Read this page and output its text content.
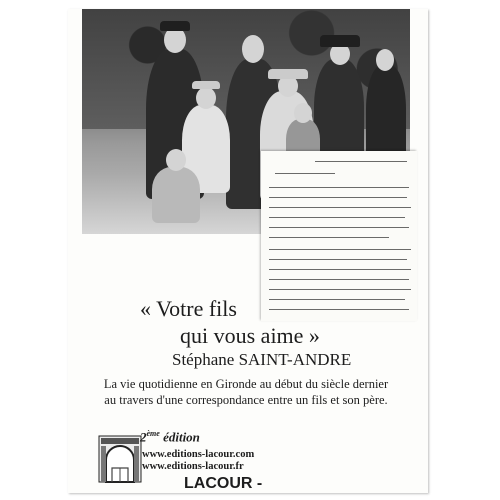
« Votre fils
qui vous aime »
Stéphane SAINT-ANDRE
La vie quotidienne en Gironde au début du siècle dernier
au travers d'une correspondance entre un fils et son père.
2ème édition
www.editions-lacour.com
www.editions-lacour.fr
LACOUR -
